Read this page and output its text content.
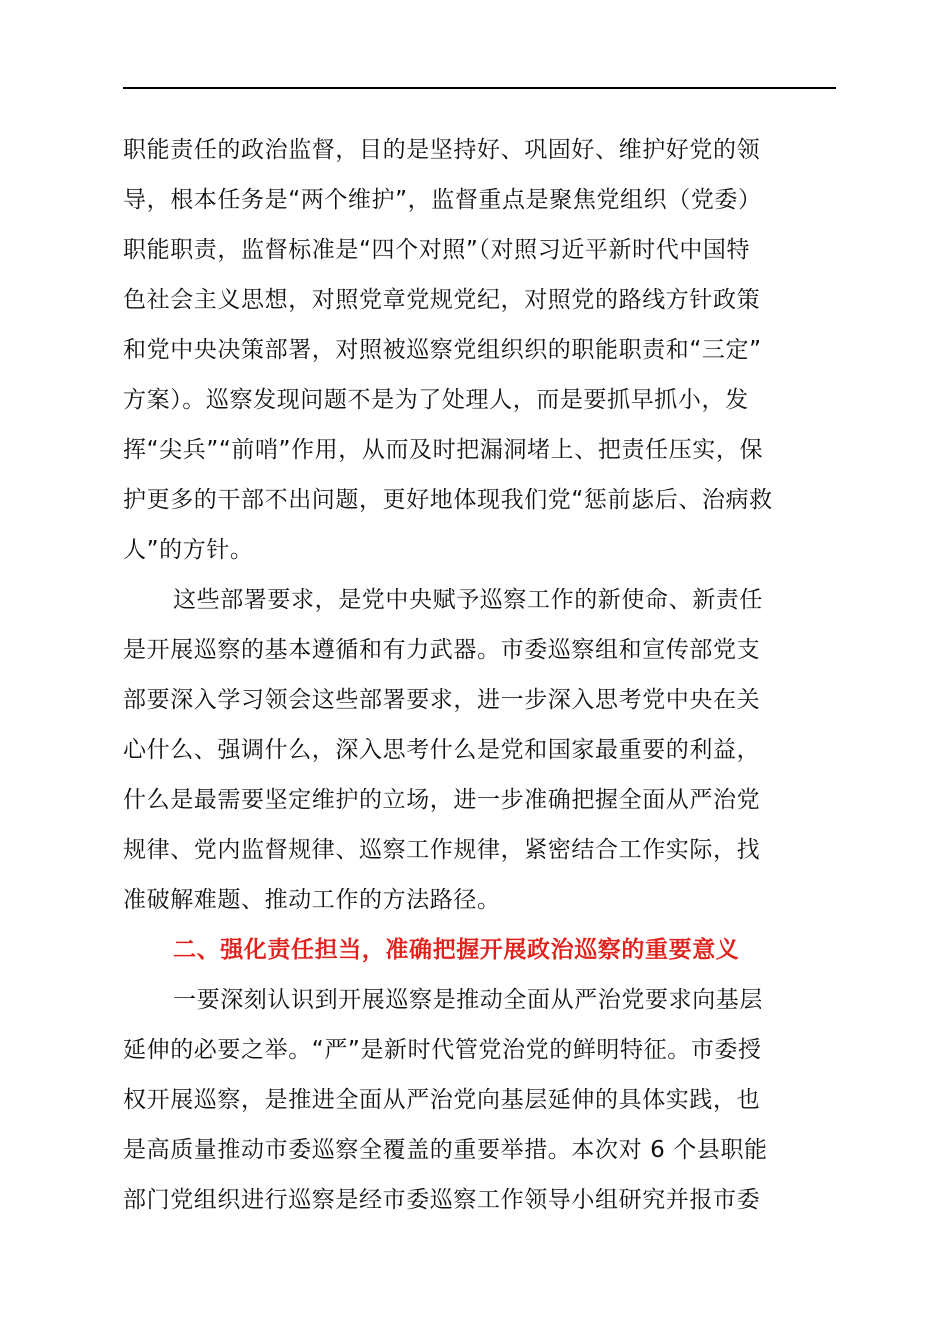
职能责任的政治监督，目的是坚持好、巩固好、维护好党的领
导，根本任务是“两个维护”，监督重点是聚焦党组织（党委）
职能职责，监督标准是“四个对照”（对照习近平新时代中国特
色社会主义思想，对照党章党规党纪，对照党的路线方针政策
和党中央决策部署，对照被巡察党组织织的职能职责和“三定”
方案）。巡察发现问题不是为了处理人，而是要抓早抓小，发
挥“尖兵”“前哨”作用，从而及时把漏洞堵上、把责任压实，保
护更多的干部不出问题，更好地体现我们党“惩前毖后、治病救
人”的方针。
这些部署要求，是党中央赋予巡察工作的新使命、新责任
是开展巡察的基本遵循和有力武器。市委巡察组和宣传部党支
部要深入学习领会这些部署要求，进一步深入思考党中央在关
心什么、强调什么，深入思考什么是党和国家最重要的利益，
什么是最需要坚定维护的立场，进一步准确把握全面从严治党
规律、党内监督规律、巡察工作规律，紧密结合工作实际，找
准破解难题、推动工作的方法路径。
二、强化责任担当，准确把握开展政治巡察的重要意义
一要深刻认识到开展巡察是推动全面从严治党要求向基层
延伸的必要之举。“严”是新时代管党治党的鲜明特征。市委授
权开展巡察，是推进全面从严治党向基层延伸的具体实践，也
是高质量推动市委巡察全覆盖的重要举措。本次对 6 个县职能
部门党组织进行巡察是经市委巡察工作领导小组研究并报市委
